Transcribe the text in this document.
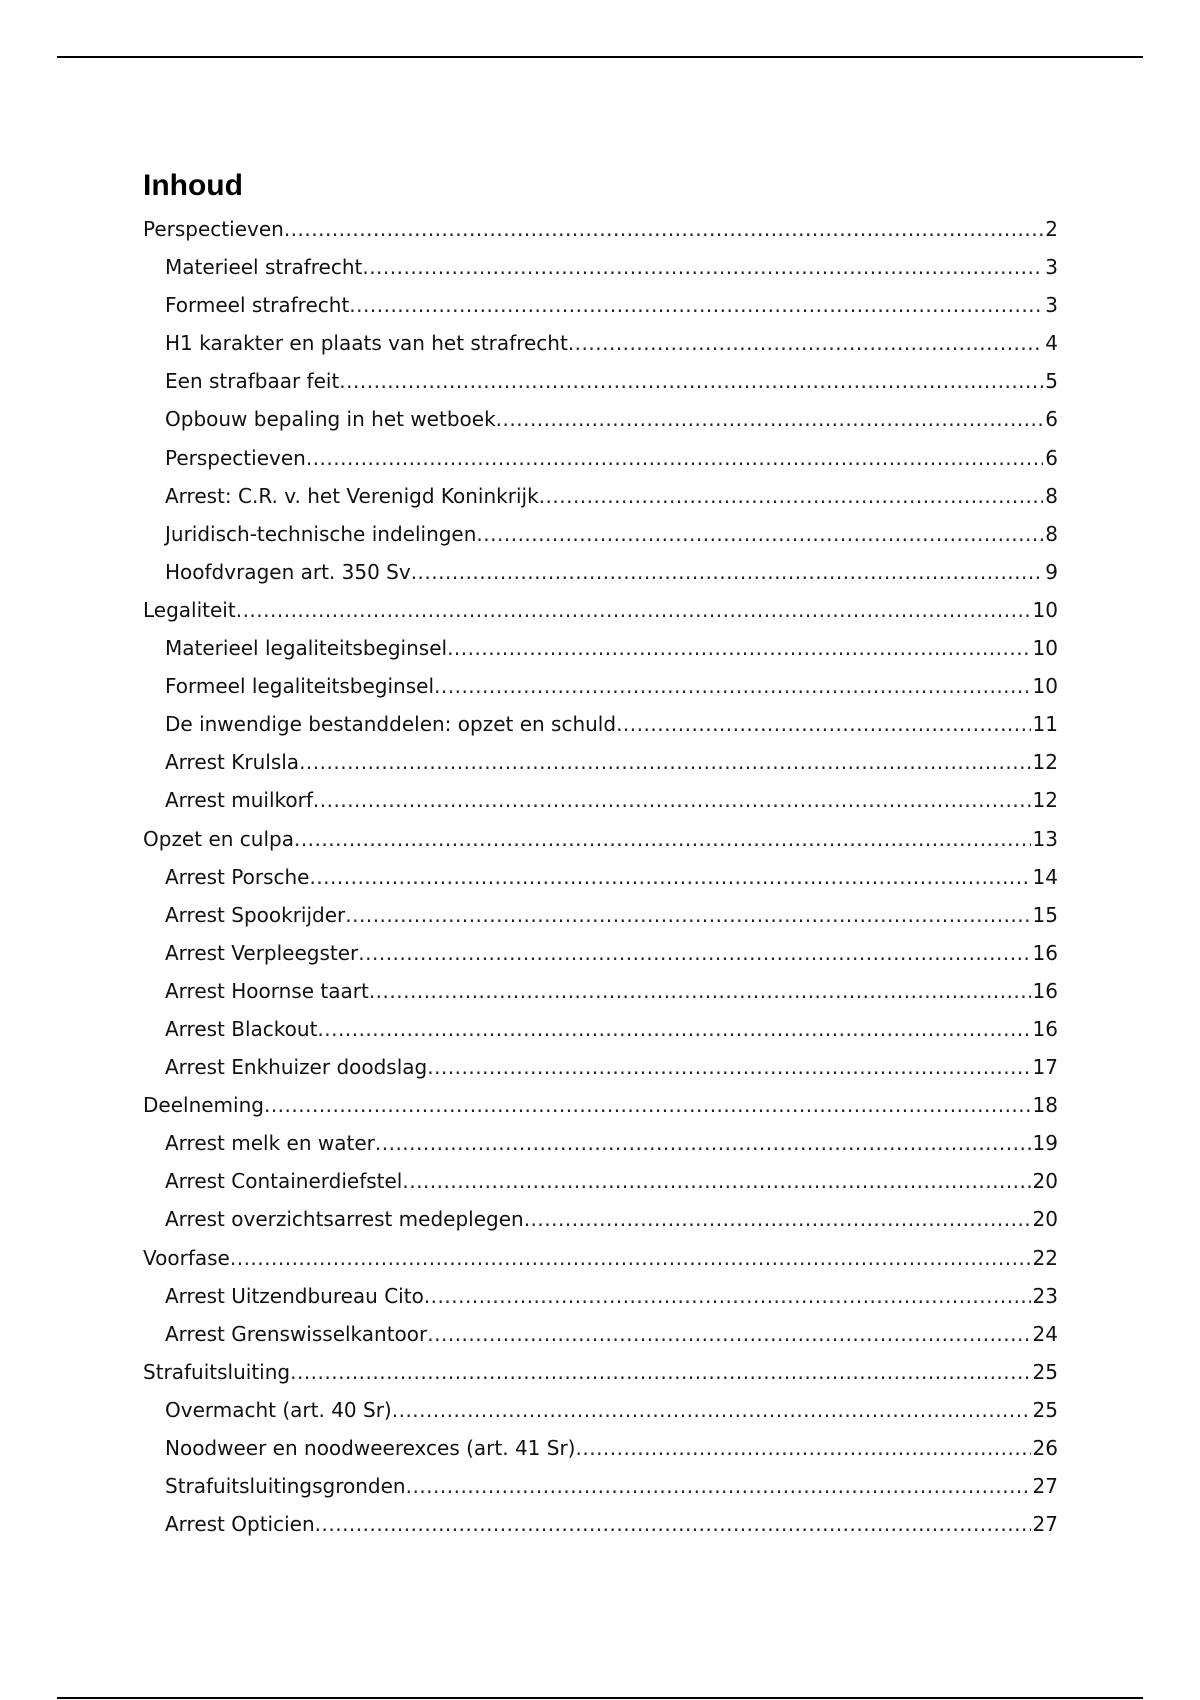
Inhoud
Perspectieven .....	2
Materieel strafrecht .....	3
Formeel strafrecht .....	3
H1 karakter en plaats van het strafrecht .....	4
Een strafbaar feit .....	5
Opbouw bepaling in het wetboek .....	6
Perspectieven .....	6
Arrest: C.R. v. het Verenigd Koninkrijk .....	8
Juridisch-technische indelingen .....	8
Hoofdvragen art. 350 Sv .....	9
Legaliteit .....	10
Materieel legaliteitsbeginsel .....	10
Formeel legaliteitsbeginsel .....	10
De inwendige bestanddelen: opzet en schuld .....	11
Arrest Krulsla .....	12
Arrest muilkorf .....	12
Opzet en culpa .....	13
Arrest Porsche .....	14
Arrest Spookrijder .....	15
Arrest Verpleegster .....	16
Arrest Hoornse taart .....	16
Arrest Blackout .....	16
Arrest Enkhuizer doodslag .....	17
Deelneming .....	18
Arrest melk en water .....	19
Arrest Containerdiefstel .....	20
Arrest overzichtsarrest medeplegen .....	20
Voorfase .....	22
Arrest Uitzendbureau Cito .....	23
Arrest Grenswisselkantoor .....	24
Strafuitsluiting .....	25
Overmacht (art. 40 Sr) .....	25
Noodweer en noodweerexces (art. 41 Sr) .....	26
Strafuitsluitingsgronden .....	27
Arrest Opticien .....	27
